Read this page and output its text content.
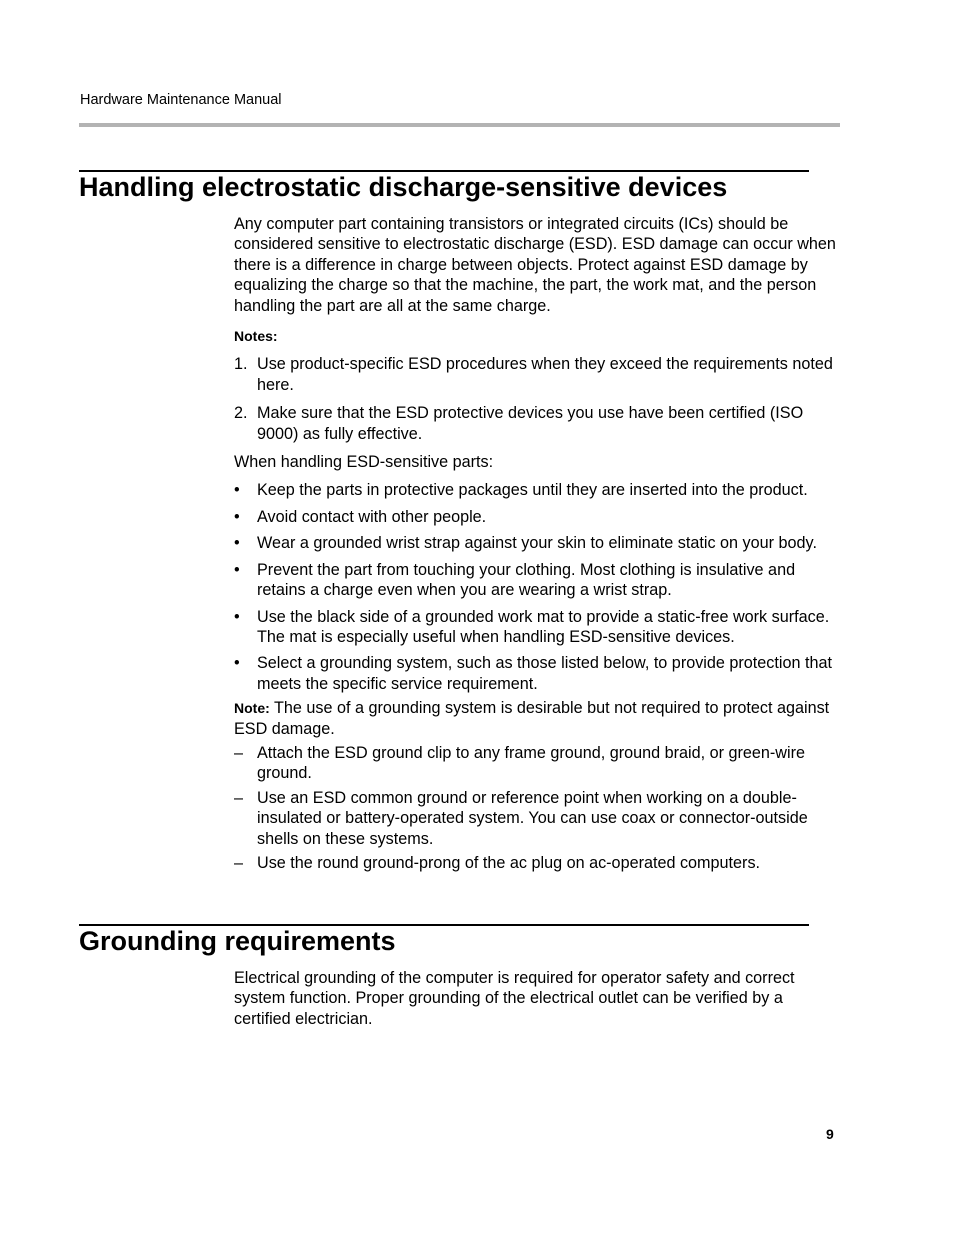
Hardware Maintenance Manual
Handling electrostatic discharge-sensitive devices

Any computer part containing transistors or integrated circuits (ICs) should be considered sensitive to electrostatic discharge (ESD). ESD damage can occur when there is a difference in charge between objects. Protect against ESD damage by equalizing the charge so that the machine, the part, the work mat, and the person handling the part are all at the same charge.

Notes:

1. Use product-specific ESD procedures when they exceed the requirements noted here.
2. Make sure that the ESD protective devices you use have been certified (ISO 9000) as fully effective.

When handling ESD-sensitive parts:

• Keep the parts in protective packages until they are inserted into the product.
• Avoid contact with other people.
• Wear a grounded wrist strap against your skin to eliminate static on your body.
• Prevent the part from touching your clothing. Most clothing is insulative and retains a charge even when you are wearing a wrist strap.
• Use the black side of a grounded work mat to provide a static-free work surface. The mat is especially useful when handling ESD-sensitive devices.
• Select a grounding system, such as those listed below, to provide protection that meets the specific service requirement.

Note: The use of a grounding system is desirable but not required to protect against ESD damage.

– Attach the ESD ground clip to any frame ground, ground braid, or green-wire ground.
– Use an ESD common ground or reference point when working on a double-insulated or battery-operated system. You can use coax or connector-outside shells on these systems.
– Use the round ground-prong of the ac plug on ac-operated computers.
Grounding requirements

Electrical grounding of the computer is required for operator safety and correct system function. Proper grounding of the electrical outlet can be verified by a certified electrician.

9
